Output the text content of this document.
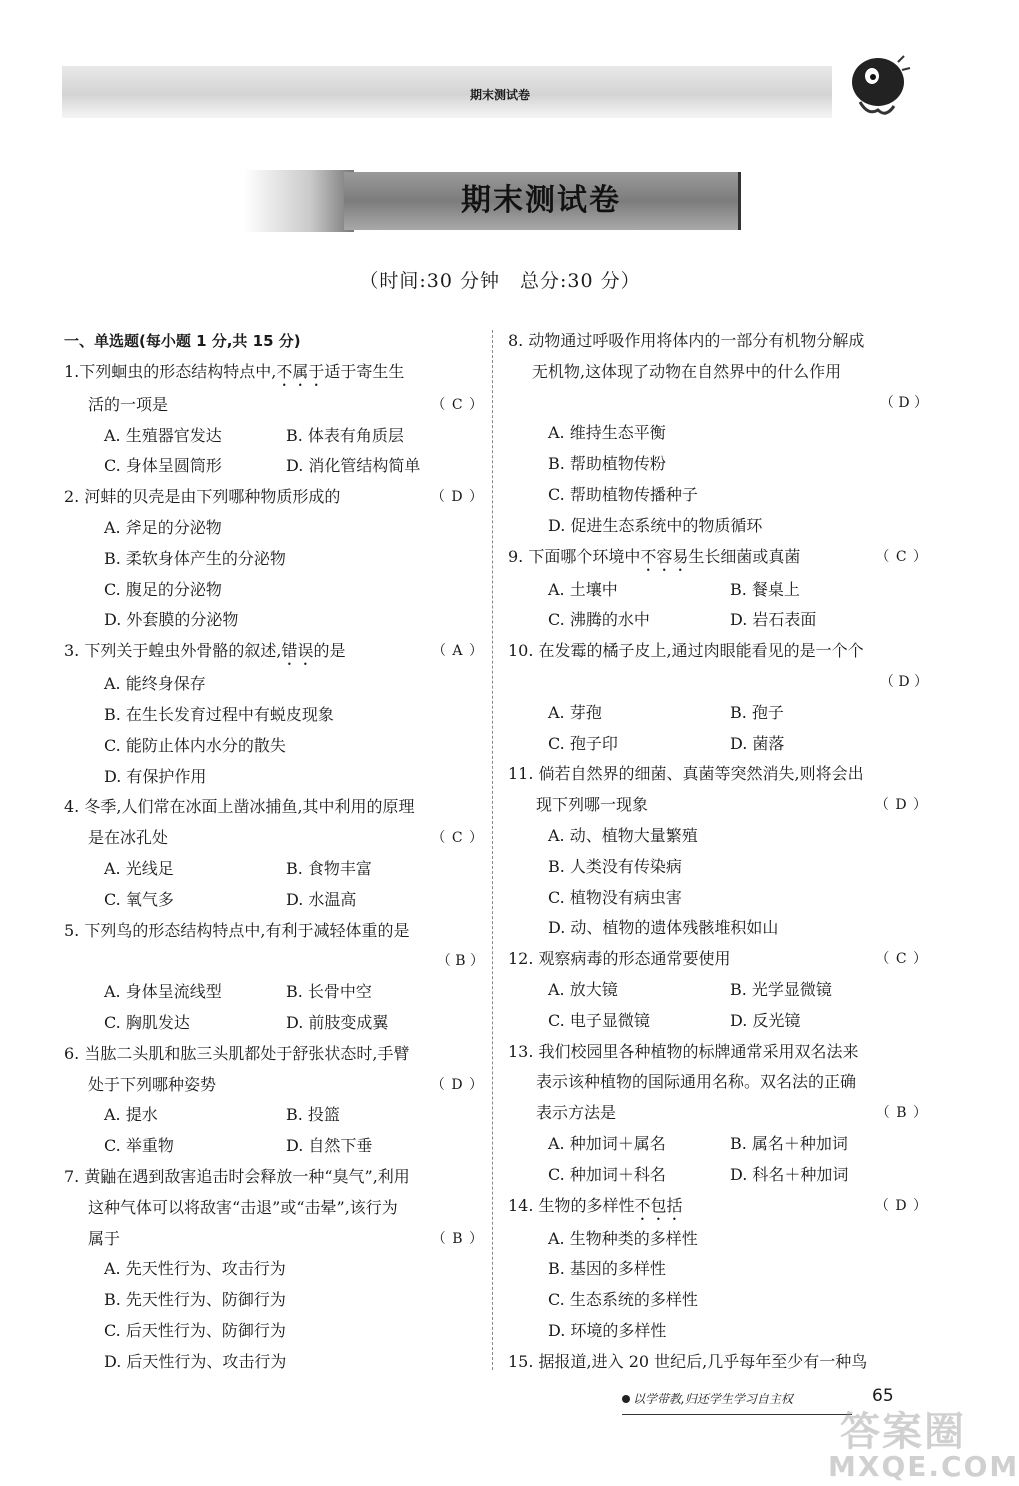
期末测试卷
期末测试卷
（时间:30 分钟　总分:30 分）
一、单选题(每小题 1 分,共 15 分)
1.下列蛔虫的形态结构特点中,不属于适于寄生生
活的一项是	（ C ）
A. 生殖器官发达	B. 体表有角质层
C. 身体呈圆筒形	D. 消化管结构简单
2. 河蚌的贝壳是由下列哪种物质形成的	（ D ）
A. 斧足的分泌物
B. 柔软身体产生的分泌物
C. 腹足的分泌物
D. 外套膜的分泌物
3. 下列关于蝗虫外骨骼的叙述,错误的是	（ A ）
A. 能终身保存
B. 在生长发育过程中有蜕皮现象
C. 能防止体内水分的散失
D. 有保护作用
4. 冬季,人们常在冰面上凿冰捕鱼,其中利用的原理
是在冰孔处	（ C ）
A. 光线足	B. 食物丰富
C. 氧气多	D. 水温高
5. 下列鸟的形态结构特点中,有利于减轻体重的是
（ B ）
A. 身体呈流线型	B. 长骨中空
C. 胸肌发达	D. 前肢变成翼
6. 当肱二头肌和肱三头肌都处于舒张状态时,手臂
处于下列哪种姿势	（ D ）
A. 提水	B. 投篮
C. 举重物	D. 自然下垂
7. 黄鼬在遇到敌害追击时会释放一种“臭气”,利用
这种气体可以将敌害“击退”或“击晕”,该行为
属于	（ B ）
A. 先天性行为、攻击行为
B. 先天性行为、防御行为
C. 后天性行为、防御行为
D. 后天性行为、攻击行为
8. 动物通过呼吸作用将体内的一部分有机物分解成
无机物,这体现了动物在自然界中的什么作用
（ D ）
A. 维持生态平衡
B. 帮助植物传粉
C. 帮助植物传播种子
D. 促进生态系统中的物质循环
9. 下面哪个环境中不容易生长细菌或真菌	（ C ）
A. 土壤中	B. 餐桌上
C. 沸腾的水中	D. 岩石表面
10. 在发霉的橘子皮上,通过肉眼能看见的是一个个
（ D ）
A. 芽孢	B. 孢子
C. 孢子印	D. 菌落
11. 倘若自然界的细菌、真菌等突然消失,则将会出
现下列哪一现象	（ D ）
A. 动、植物大量繁殖
B. 人类没有传染病
C. 植物没有病虫害
D. 动、植物的遗体残骸堆积如山
12. 观察病毒的形态通常要使用	（ C ）
A. 放大镜	B. 光学显微镜
C. 电子显微镜	D. 反光镜
13. 我们校园里各种植物的标牌通常采用双名法来
表示该种植物的国际通用名称。双名法的正确
表示方法是	（ B ）
A. 种加词＋属名	B. 属名＋种加词
C. 种加词＋科名	D. 科名＋种加词
14. 生物的多样性不包括	（ D ）
A. 生物种类的多样性
B. 基因的多样性
C. 生态系统的多样性
D. 环境的多样性
15. 据报道,进入 20 世纪后,几乎每年至少有一种鸟
以学带教,归还学生学习自主权	65
答案圈
MXQE.COM
